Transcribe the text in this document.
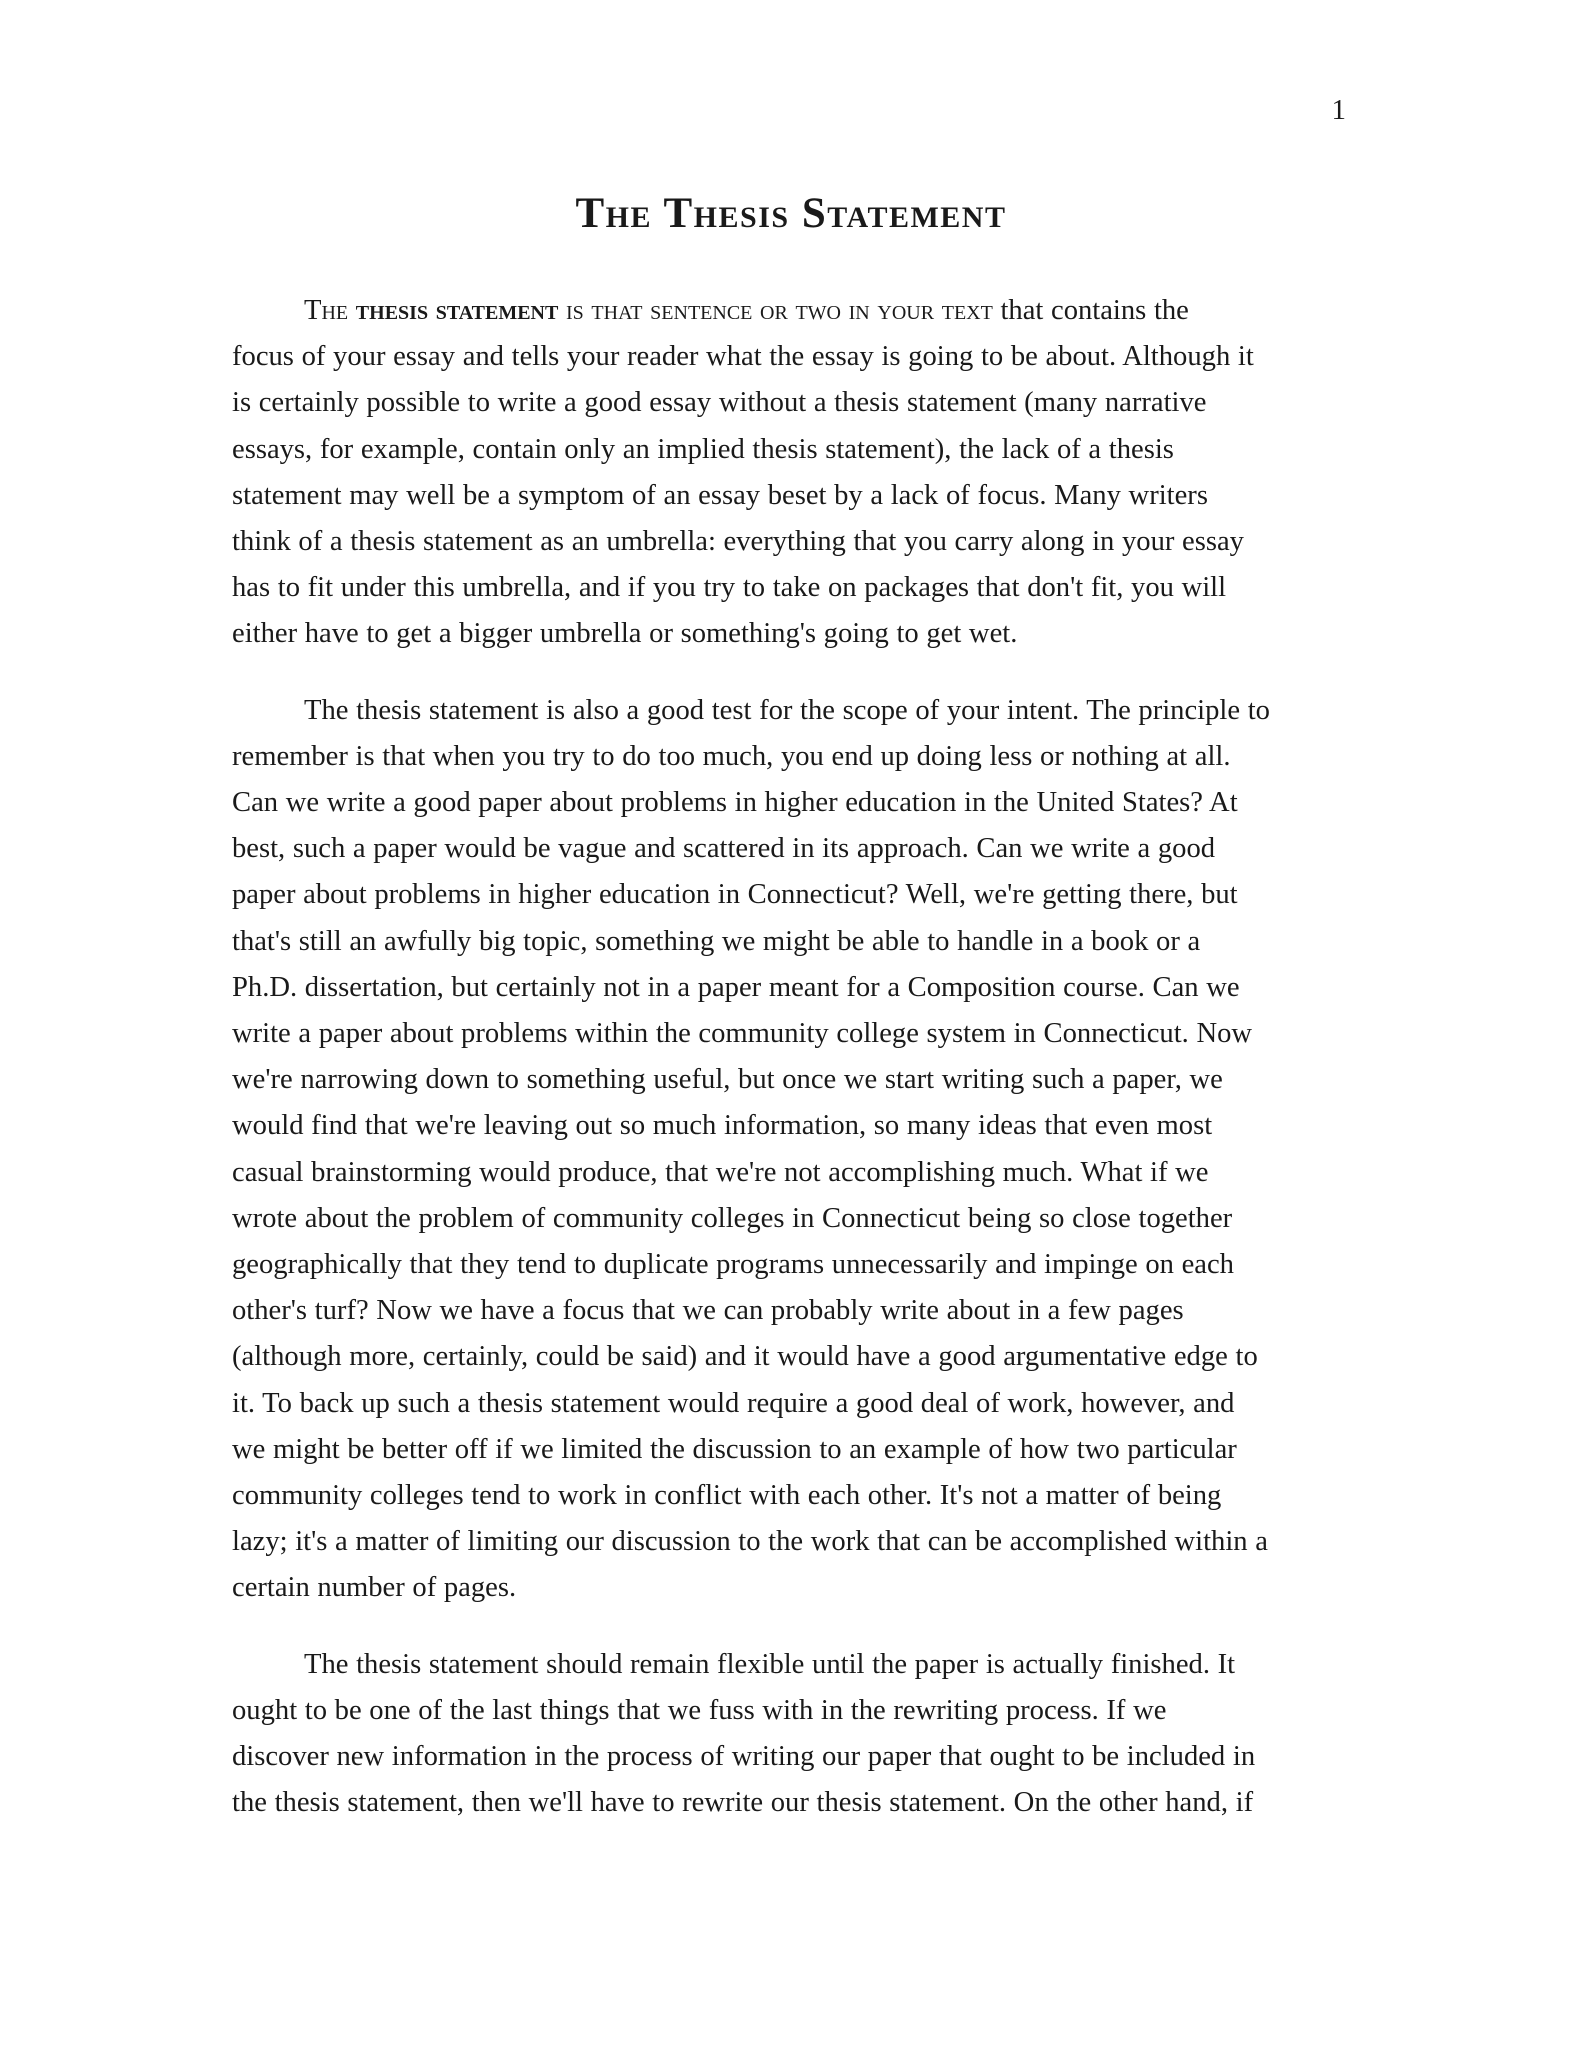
1
The Thesis Statement
The thesis statement is that sentence or two in your text that contains the
focus of your essay and tells your reader what the essay is going to be about. Although it
is certainly possible to write a good essay without a thesis statement (many narrative
essays, for example, contain only an implied thesis statement), the lack of a thesis
statement may well be a symptom of an essay beset by a lack of focus. Many writers
think of a thesis statement as an umbrella: everything that you carry along in your essay
has to fit under this umbrella, and if you try to take on packages that don't fit, you will
either have to get a bigger umbrella or something's going to get wet.
The thesis statement is also a good test for the scope of your intent. The principle to
remember is that when you try to do too much, you end up doing less or nothing at all.
Can we write a good paper about problems in higher education in the United States? At
best, such a paper would be vague and scattered in its approach. Can we write a good
paper about problems in higher education in Connecticut? Well, we're getting there, but
that's still an awfully big topic, something we might be able to handle in a book or a
Ph.D. dissertation, but certainly not in a paper meant for a Composition course. Can we
write a paper about problems within the community college system in Connecticut. Now
we're narrowing down to something useful, but once we start writing such a paper, we
would find that we're leaving out so much information, so many ideas that even most
casual brainstorming would produce, that we're not accomplishing much. What if we
wrote about the problem of community colleges in Connecticut being so close together
geographically that they tend to duplicate programs unnecessarily and impinge on each
other's turf? Now we have a focus that we can probably write about in a few pages
(although more, certainly, could be said) and it would have a good argumentative edge to
it. To back up such a thesis statement would require a good deal of work, however, and
we might be better off if we limited the discussion to an example of how two particular
community colleges tend to work in conflict with each other. It's not a matter of being
lazy; it's a matter of limiting our discussion to the work that can be accomplished within a
certain number of pages.
The thesis statement should remain flexible until the paper is actually finished. It
ought to be one of the last things that we fuss with in the rewriting process. If we
discover new information in the process of writing our paper that ought to be included in
the thesis statement, then we'll have to rewrite our thesis statement. On the other hand, if
